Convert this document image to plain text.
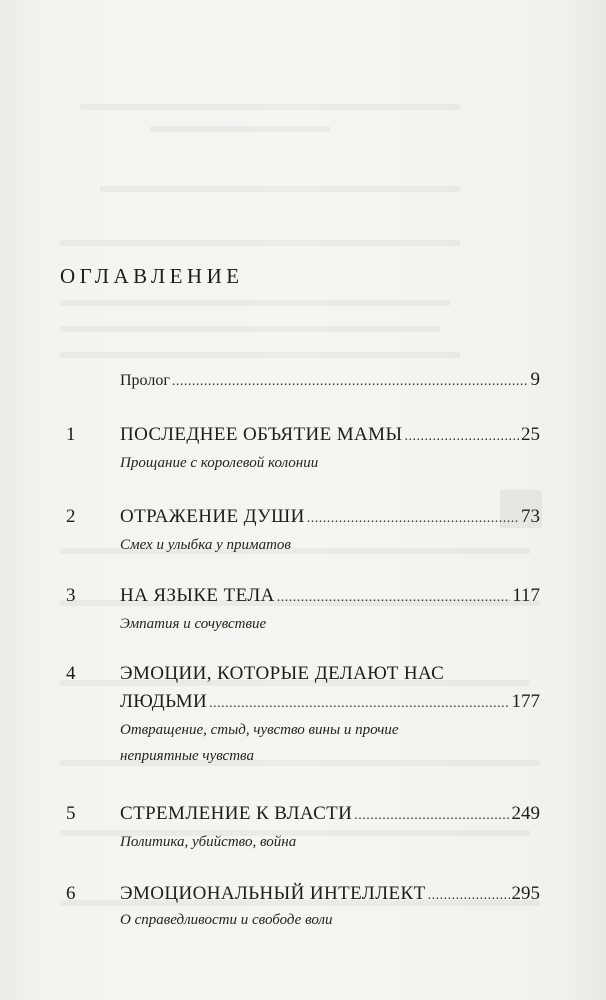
ОГЛАВЛЕНИЕ
Пролог .....	9
1 ПОСЛЕДНЕЕ ОБЪЯТИЕ МАМЫ .....	25
Прощание с королевой колонии
2 ОТРАЖЕНИЕ ДУШИ .....	73
Смех и улыбка у приматов
3 НА ЯЗЫКЕ ТЕЛА .....	117
Эмпатия и сочувствие
4 ЭМОЦИИ, КОТОРЫЕ ДЕЛАЮТ НАС
ЛЮДЬМИ .....	177
Отвращение, стыд, чувство вины и прочие
неприятные чувства
5 СТРЕМЛЕНИЕ К ВЛАСТИ .....	249
Политика, убийство, война
6 ЭМОЦИОНАЛЬНЫЙ ИНТЕЛЛЕКТ .....	295
О справедливости и свободе воли
